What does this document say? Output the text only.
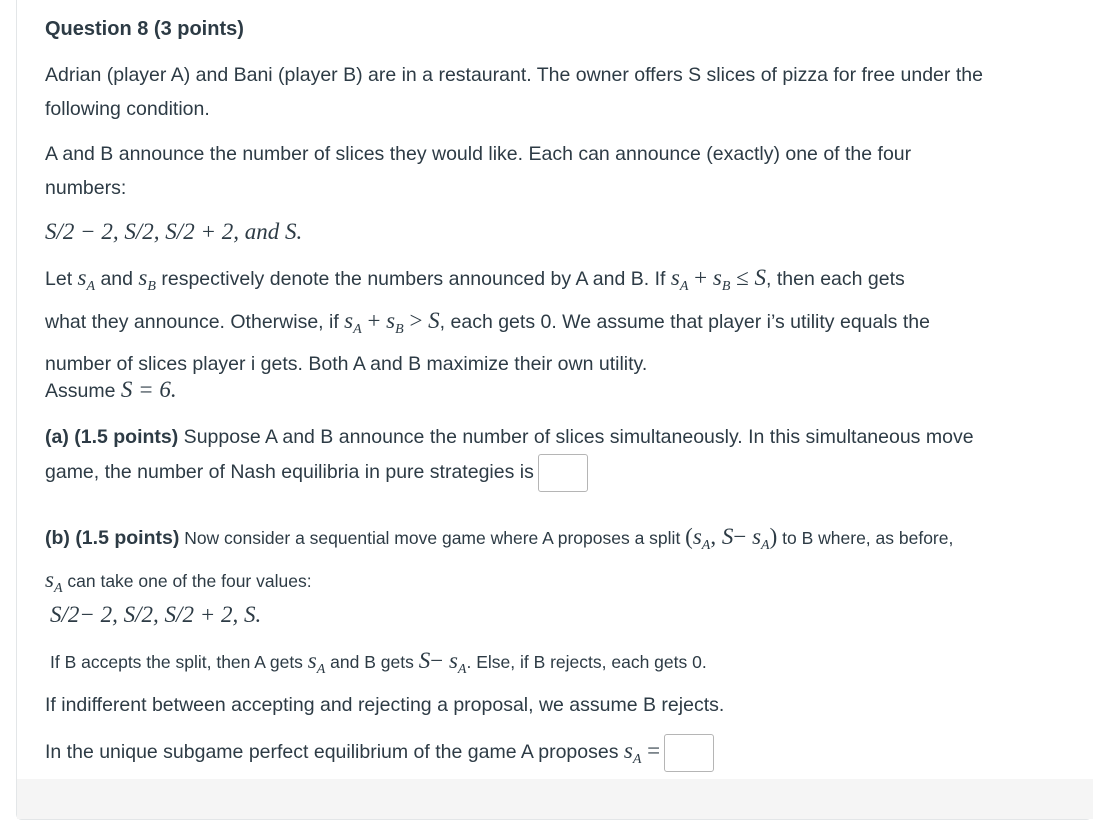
Question 8 (3 points)

Adrian (player A) and Bani (player B) are in a restaurant. The owner offers S slices of pizza for free under the
following condition.

A and B announce the number of slices they would like. Each can announce (exactly) one of the four
numbers:

S/2 − 2, S/2, S/2 + 2, and S.

Let $s_A$ and $s_B$ respectively denote the numbers announced by A and B. If $s_A + s_B \le S$, then each gets
what they announce. Otherwise, if $s_A + s_B > S$, each gets 0. We assume that player i’s utility equals the
number of slices player i gets. Both A and B maximize their own utility.

Assume S = 6.

(a) (1.5 points) Suppose A and B announce the number of slices simultaneously. In this simultaneous move
game, the number of Nash equilibria in pure strategies is

(b) (1.5 points) Now consider a sequential move game where A proposes a split ($s_A$, $S- s_A$) to B where, as before,
$s_A$ can take one of the four values:

S/2− 2, S/2, S/2 + 2, S.

If B accepts the split, then A gets $s_A$ and B gets $S- s_A$. Else, if B rejects, each gets 0.

If indifferent between accepting and rejecting a proposal, we assume B rejects.

In the unique subgame perfect equilibrium of the game A proposes $s_A$ =
